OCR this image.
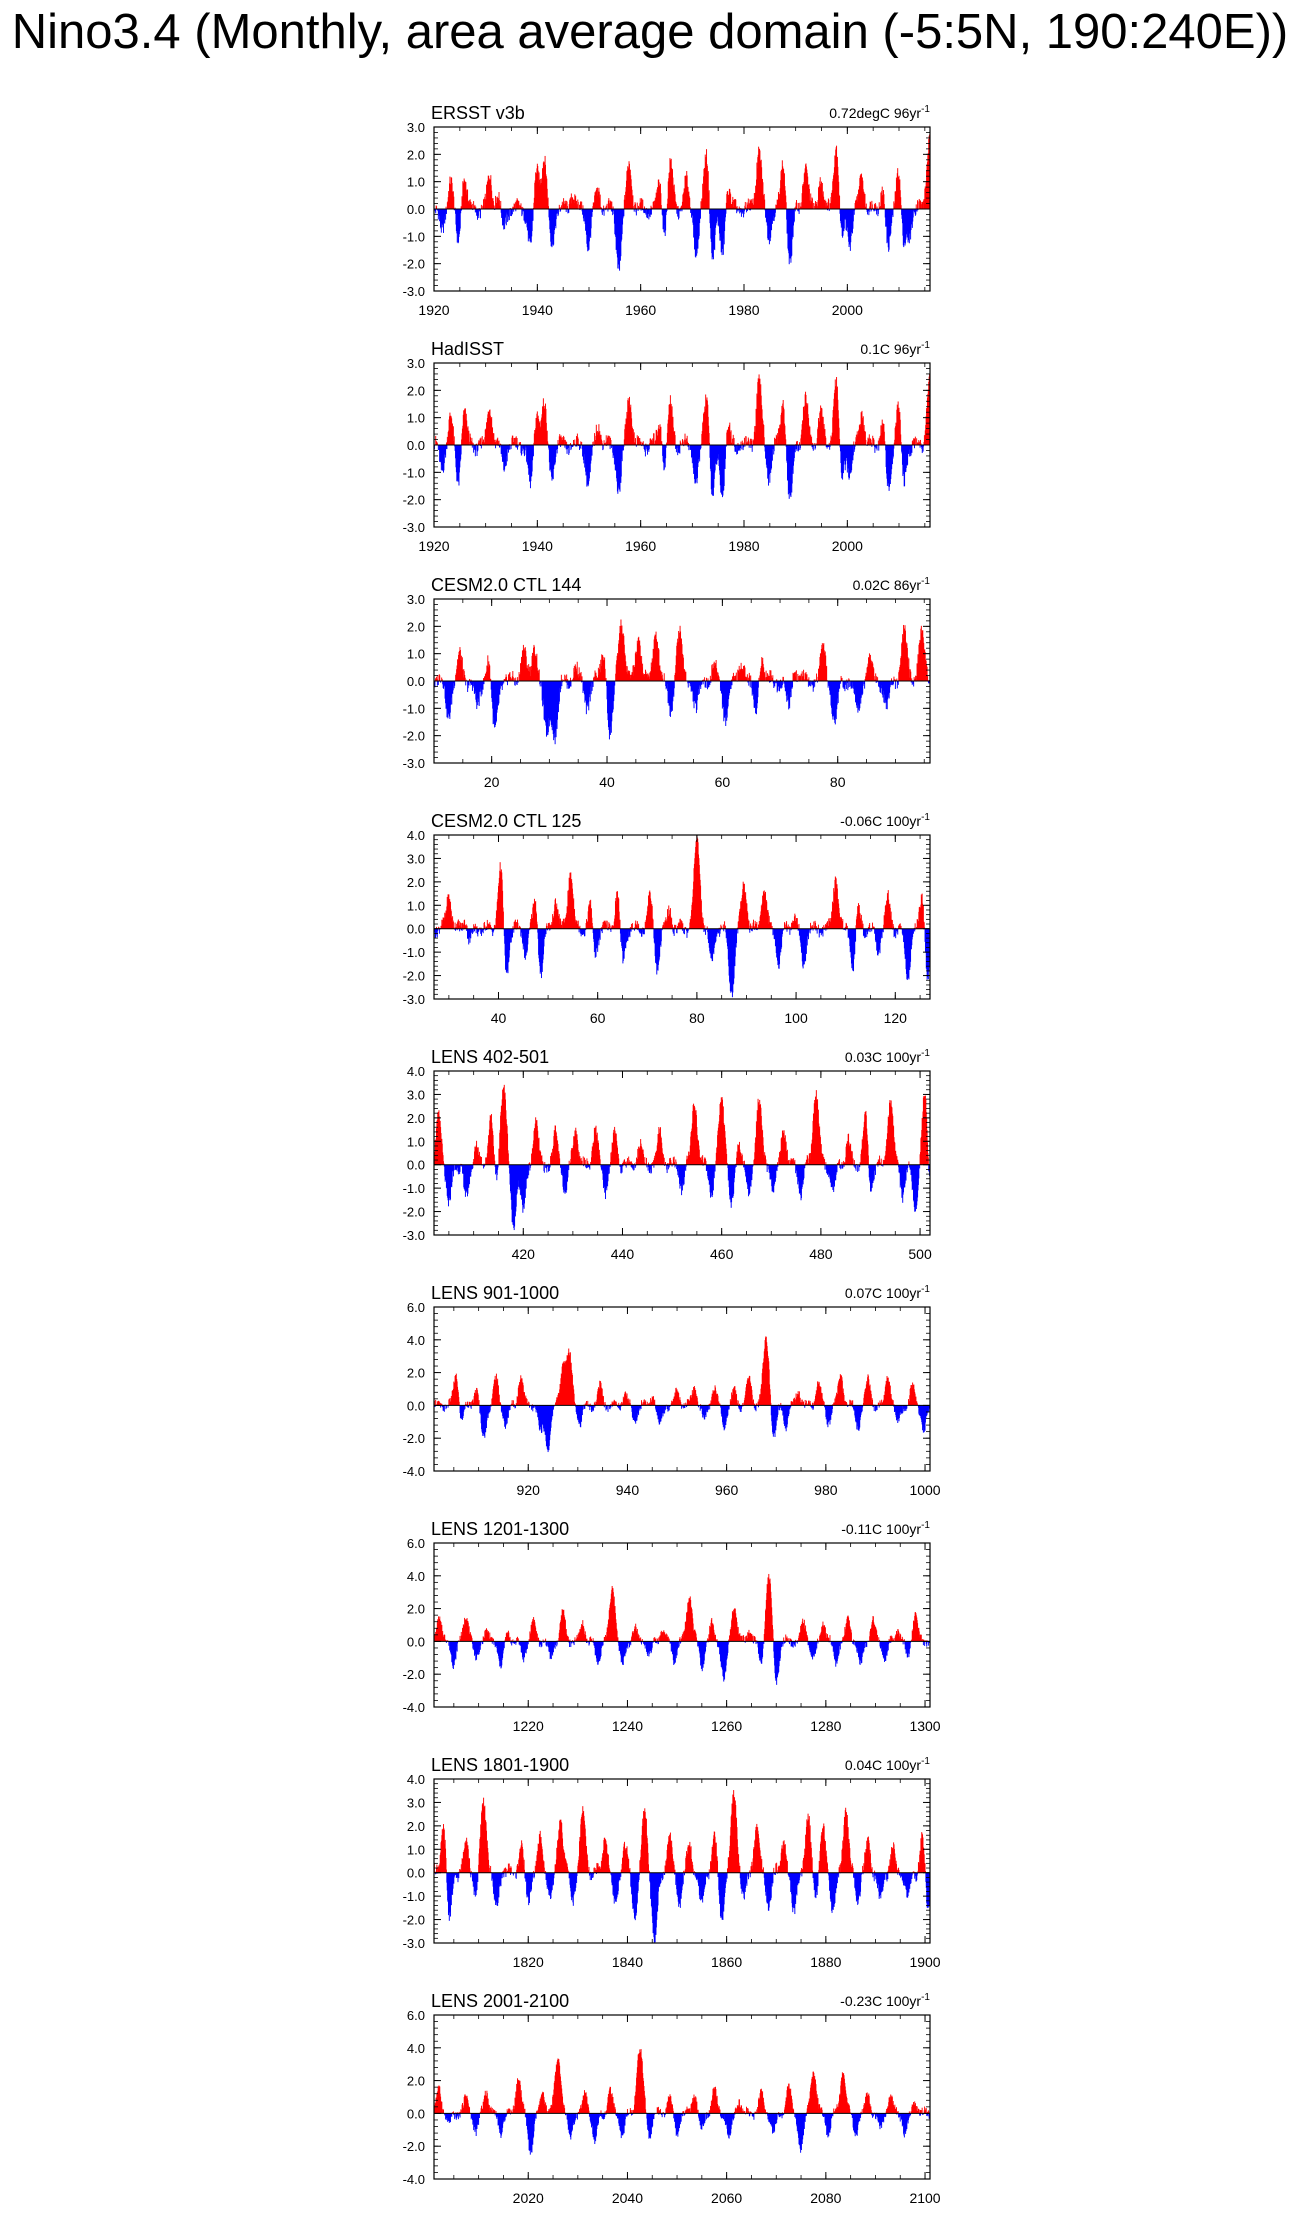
Nino3.4 (Monthly, area average domain (-5:5N, 190:240E))
-3.0
-2.0
-1.0
0.0
1.0
2.0
3.0
1920	1940	1960	1980	2000
ERSST v3b	0.72degC $96yr^{-1}$
-3.0
-2.0
-1.0
0.0
1.0
2.0
3.0
1920	1940	1960	1980	2000
HadISST	0.1C $96yr^{-1}$
-3.0
-2.0
-1.0
0.0
1.0
2.0
3.0
20	40	60	80
CESM2.0 CTL 144	0.02C $86yr^{-1}$
-3.0
-2.0
-1.0
0.0
1.0
2.0
3.0
4.0
40	60	80	100	120
CESM2.0 CTL 125	-0.06C $100yr^{-1}$
-3.0
-2.0
-1.0
0.0
1.0
2.0
3.0
4.0
420	440	460	480	500
LENS 402-501	0.03C $100yr^{-1}$
-4.0
-2.0
0.0
2.0
4.0
6.0
920	940	960	980	1000
LENS 901-1000	0.07C $100yr^{-1}$
-4.0
-2.0
0.0
2.0
4.0
6.0
1220	1240	1260	1280	1300
LENS 1201-1300	-0.11C $100yr^{-1}$
-3.0
-2.0
-1.0
0.0
1.0
2.0
3.0
4.0
1820	1840	1860	1880	1900
LENS 1801-1900	0.04C $100yr^{-1}$
-4.0
-2.0
0.0
2.0
4.0
6.0
2020	2040	2060	2080	2100
LENS 2001-2100	-0.23C $100yr^{-1}$
